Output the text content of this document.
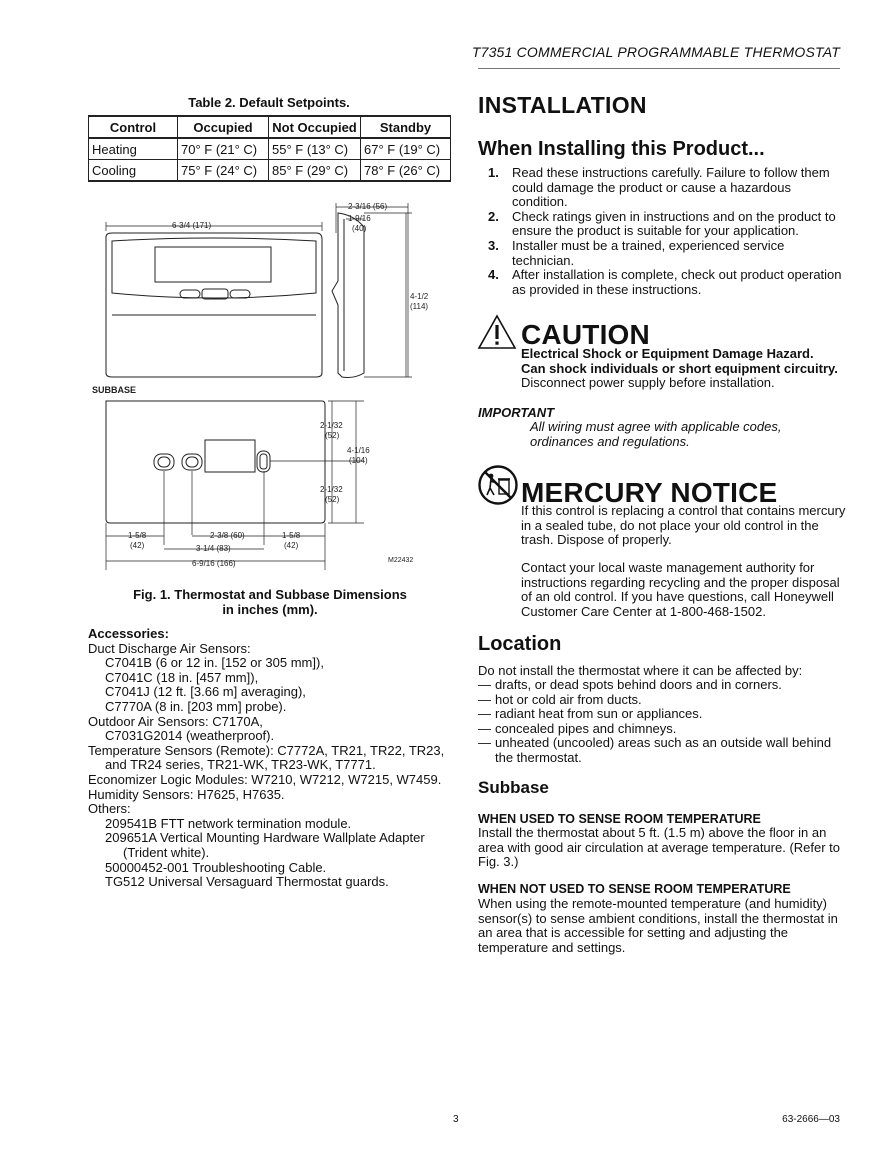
T7351 COMMERCIAL PROGRAMMABLE THERMOSTAT
Table 2. Default Setpoints.
Control	Occupied	Not Occupied	Standby
Heating	70° F (21° C)	55° F (13° C)	67° F (19° C)
Cooling	75° F (24° C)	85° F (29° C)	78° F (26° C)
6-3/4 (171)
2-3/16 (56)
1-9/16
(40)
4-1/2
(114)
SUBBASE
2-1/32
(52)
4-1/16
(104)
2-1/32
(52)
1-5/8
(42)
2-3/8 (60)	1-5/8
(42)
3-1/4 (83)
6-9/16 (166)	M22432
Fig. 1. Thermostat and Subbase Dimensions
in inches (mm).
Accessories:
Duct Discharge Air Sensors:
C7041B (6 or 12 in. [152 or 305 mm]),
C7041C (18 in. [457 mm]),
C7041J (12 ft. [3.66 m] averaging),
C7770A (8 in. [203 mm] probe).
Outdoor Air Sensors: C7170A,
C7031G2014 (weatherproof).
Temperature Sensors (Remote): C7772A, TR21, TR22, TR23, and TR24 series, TR21-WK, TR23-WK, T7771.
Economizer Logic Modules: W7210, W7212, W7215, W7459.
Humidity Sensors: H7625, H7635.
Others:
209541B FTT network termination module.
209651A Vertical Mounting Hardware Wallplate Adapter (Trident white).
50000452-001 Troubleshooting Cable.
TG512 Universal Versaguard Thermostat guards.
INSTALLATION
When Installing this Product...
1. Read these instructions carefully. Failure to follow them could damage the product or cause a hazardous condition.
2. Check ratings given in instructions and on the product to ensure the product is suitable for your application.
3. Installer must be a trained, experienced service technician.
4. After installation is complete, check out product operation as provided in these instructions.
CAUTION
Electrical Shock or Equipment Damage Hazard.
Can shock individuals or short equipment circuitry.
Disconnect power supply before installation.
IMPORTANT
All wiring must agree with applicable codes, ordinances and regulations.
MERCURY NOTICE
If this control is replacing a control that contains mercury in a sealed tube, do not place your old control in the trash. Dispose of properly.
Contact your local waste management authority for instructions regarding recycling and the proper disposal of an old control. If you have questions, call Honeywell Customer Care Center at 1-800-468-1502.
Location
Do not install the thermostat where it can be affected by:
— drafts, or dead spots behind doors and in corners.
— hot or cold air from ducts.
— radiant heat from sun or appliances.
— concealed pipes and chimneys.
— unheated (uncooled) areas such as an outside wall behind the thermostat.
Subbase
WHEN USED TO SENSE ROOM TEMPERATURE
Install the thermostat about 5 ft. (1.5 m) above the floor in an area with good air circulation at average temperature. (Refer to Fig. 3.)
WHEN NOT USED TO SENSE ROOM TEMPERATURE
When using the remote-mounted temperature (and humidity) sensor(s) to sense ambient conditions, install the thermostat in an area that is accessible for setting and adjusting the temperature and settings.
3	63-2666—03
